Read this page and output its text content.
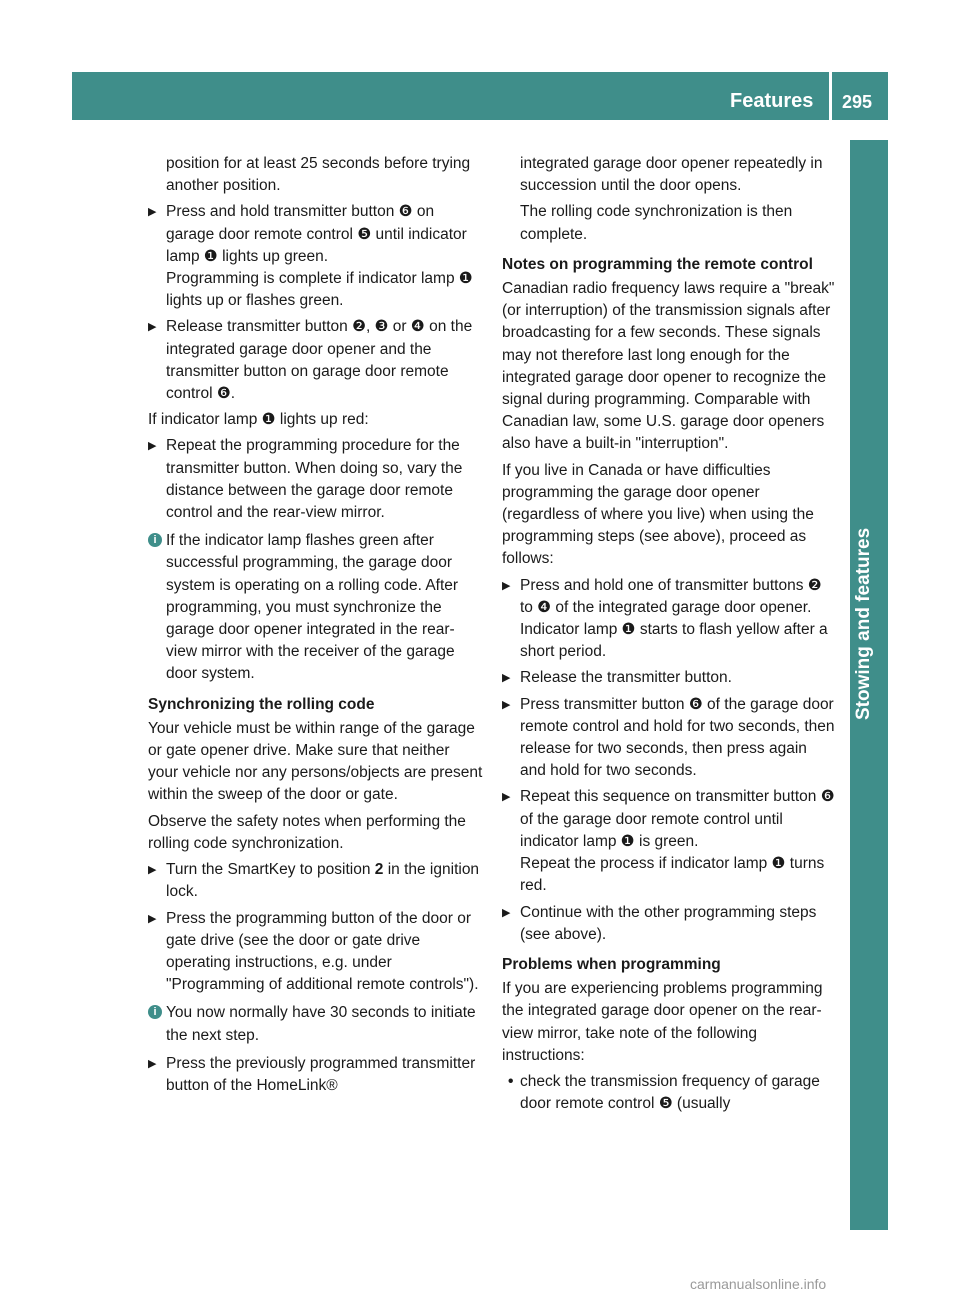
Features 295
Stowing and features

position for at least 25 seconds before trying another position.

▶ Press and hold transmitter button ❻ on garage door remote control ❺ until indicator lamp ❶ lights up green.
Programming is complete if indicator lamp ❶ lights up or flashes green.
▶ Release transmitter button ❷, ❸ or ❹ on the integrated garage door opener and the transmitter button on garage door remote control ❻.

If indicator lamp ❶ lights up red:

▶ Repeat the programming procedure for the transmitter button. When doing so, vary the distance between the garage door remote control and the rear-view mirror.
i If the indicator lamp flashes green after successful programming, the garage door system is operating on a rolling code. After programming, you must synchronize the garage door opener integrated in the rear-view mirror with the receiver of the garage door system.

Synchronizing the rolling code

Your vehicle must be within range of the garage or gate opener drive. Make sure that neither your vehicle nor any persons/objects are present within the sweep of the door or gate.

Observe the safety notes when performing the rolling code synchronization.

▶ Turn the SmartKey to position 2 in the ignition lock.
▶ Press the programming button of the door or gate drive (see the door or gate drive operating instructions, e.g. under "Programming of additional remote controls").
i You now normally have 30 seconds to initiate the next step.
▶ Press the previously programmed transmitter button of the HomeLink®

integrated garage door opener repeatedly in succession until the door opens.

The rolling code synchronization is then complete.

Notes on programming the remote control

Canadian radio frequency laws require a "break" (or interruption) of the transmission signals after broadcasting for a few seconds. These signals may not therefore last long enough for the integrated garage door opener to recognize the signal during programming. Comparable with Canadian law, some U.S. garage door openers also have a built-in "interruption".

If you live in Canada or have difficulties programming the garage door opener (regardless of where you live) when using the programming steps (see above), proceed as follows:

▶ Press and hold one of transmitter buttons ❷ to ❹ of the integrated garage door opener.
Indicator lamp ❶ starts to flash yellow after a short period.
▶ Release the transmitter button.
▶ Press transmitter button ❻ of the garage door remote control and hold for two seconds, then release for two seconds, then press again and hold for two seconds.
▶ Repeat this sequence on transmitter button ❻ of the garage door remote control until indicator lamp ❶ is green.
Repeat the process if indicator lamp ❶ turns red.
▶ Continue with the other programming steps (see above).

Problems when programming

If you are experiencing problems programming the integrated garage door opener on the rear-view mirror, take note of the following instructions:

• check the transmission frequency of garage door remote control ❺ (usually
carmanualsonline.info
